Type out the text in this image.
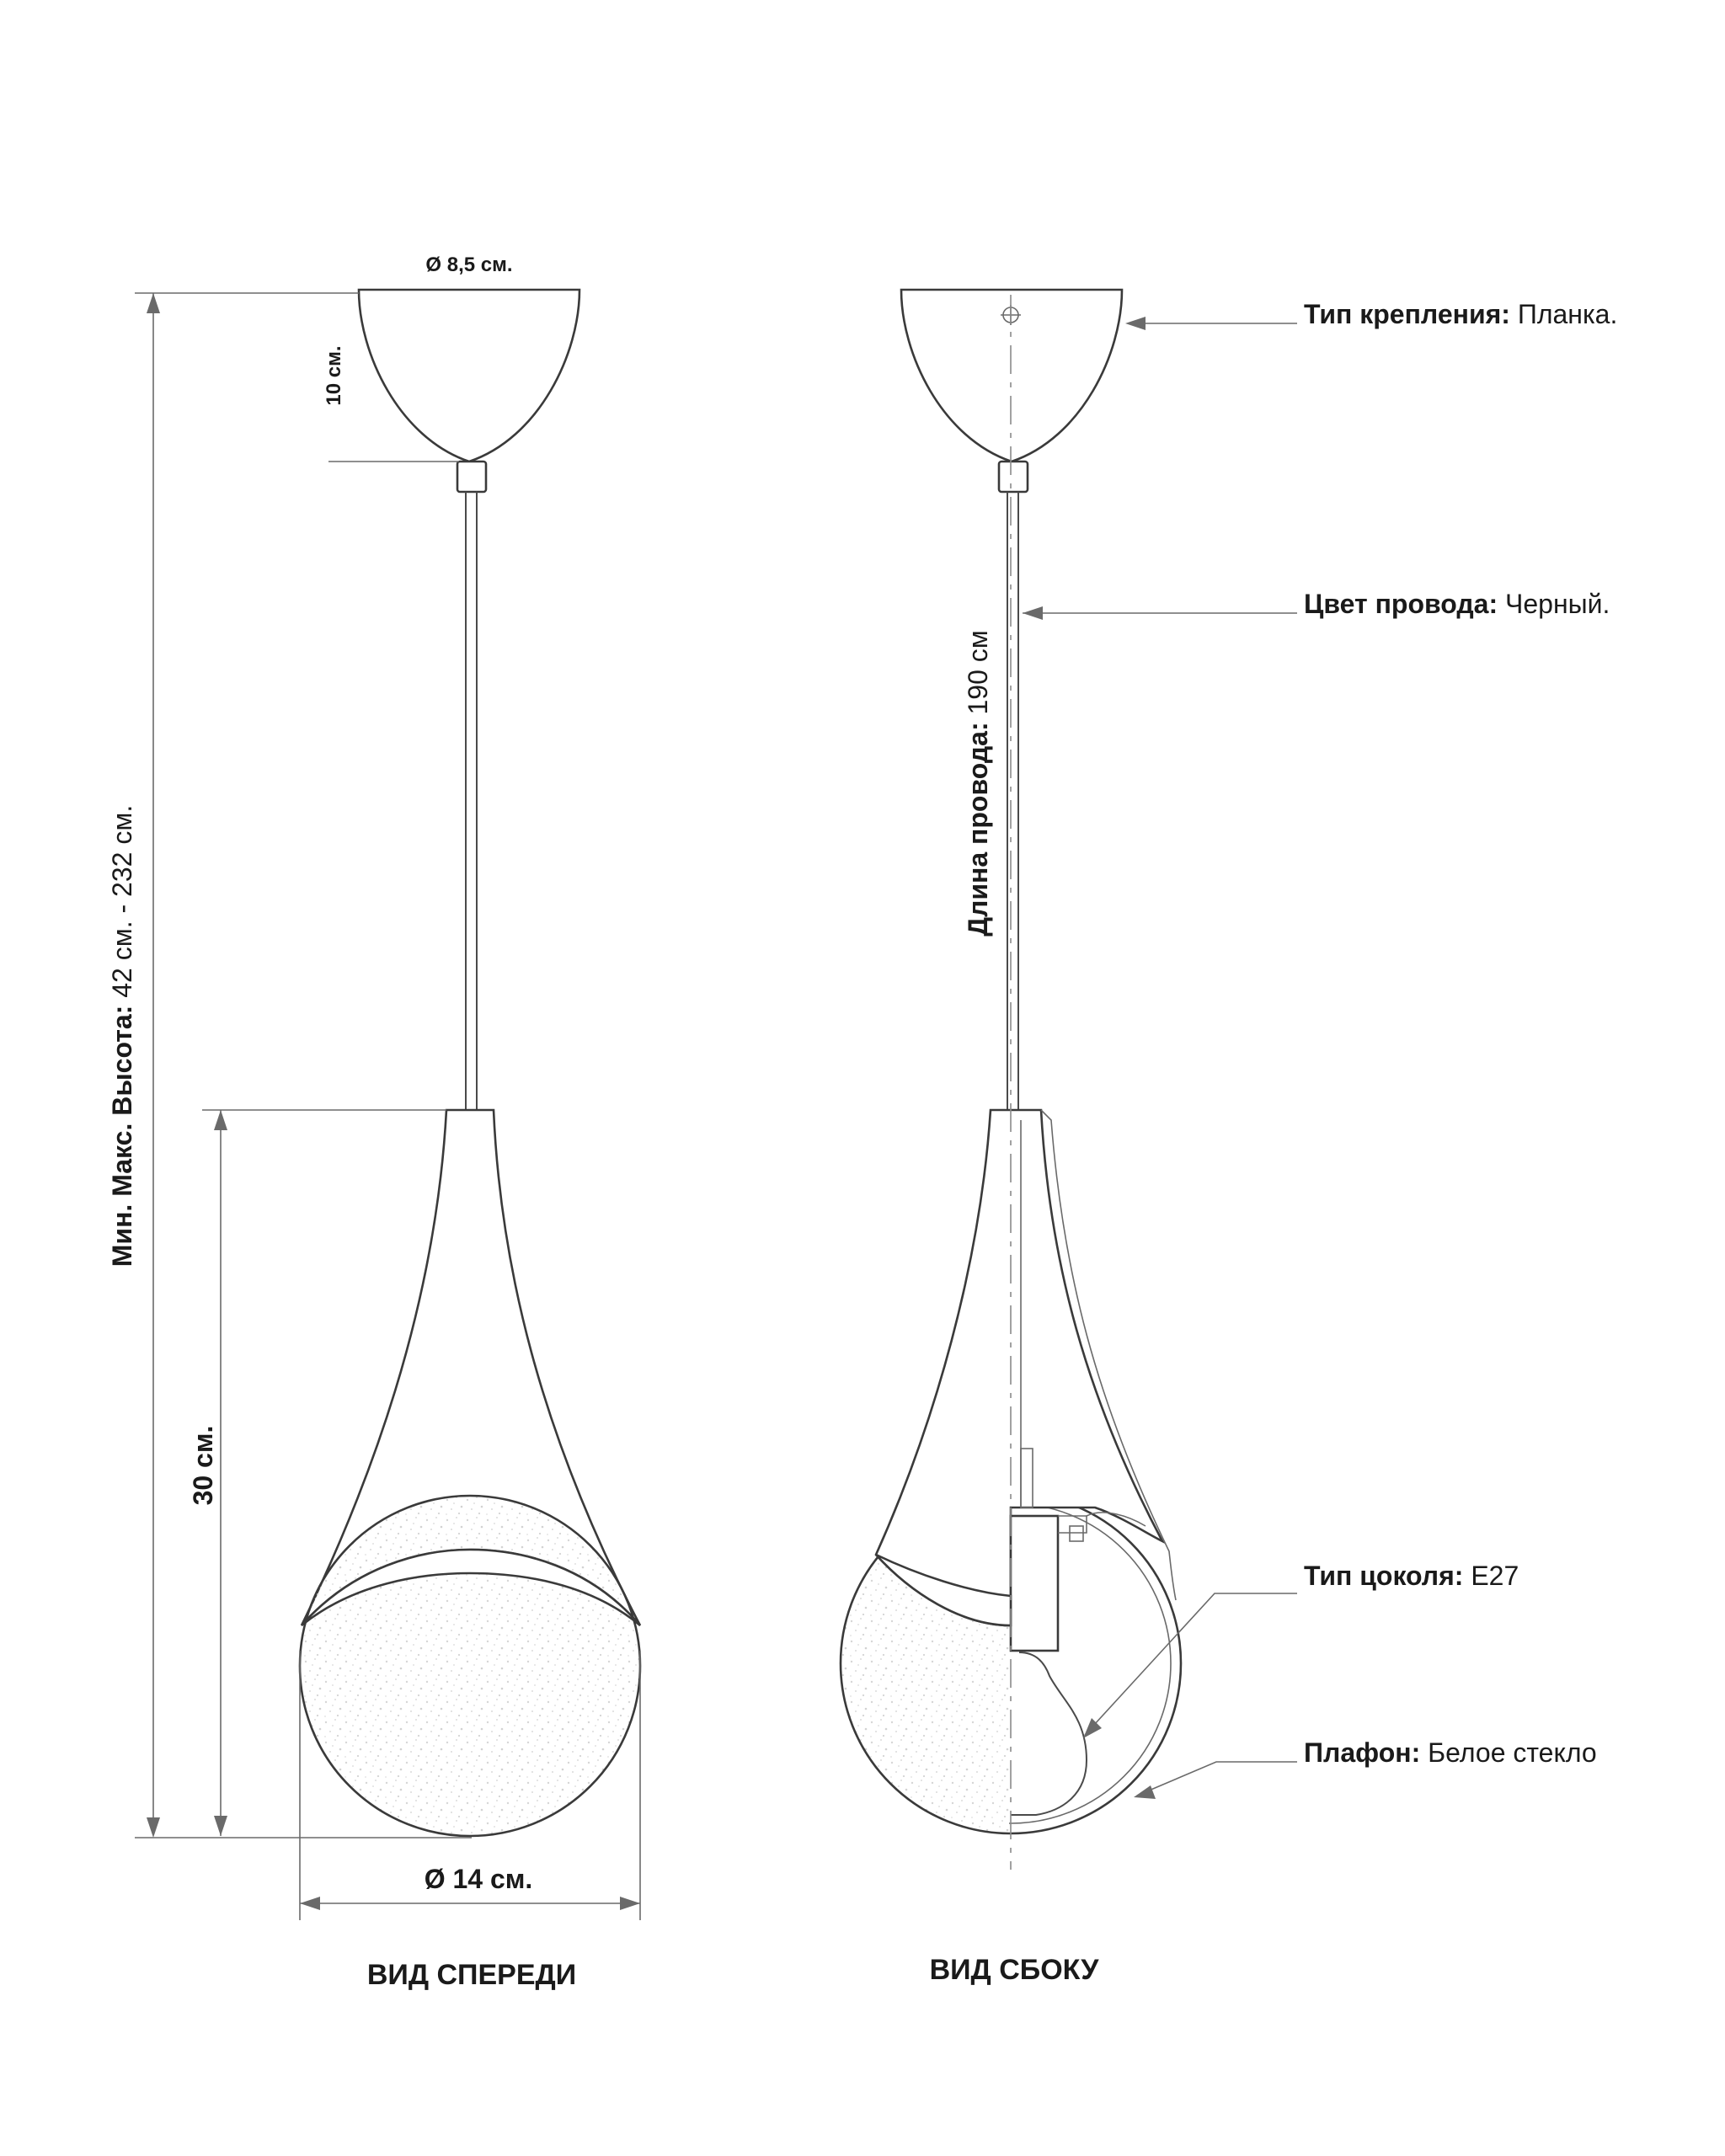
Ø 8,5 см.
10 см.
30 см.
Ø 14 см.
Мин. Макс. Высота: 42 см. - 232 см.
ВИД СПЕРЕДИ
Длина провода: 190 см
ВИД СБОКУ
Тип крепления: Планка.
Цвет провода: Черный.
Тип цоколя: E27
Плафон: Белое стекло
